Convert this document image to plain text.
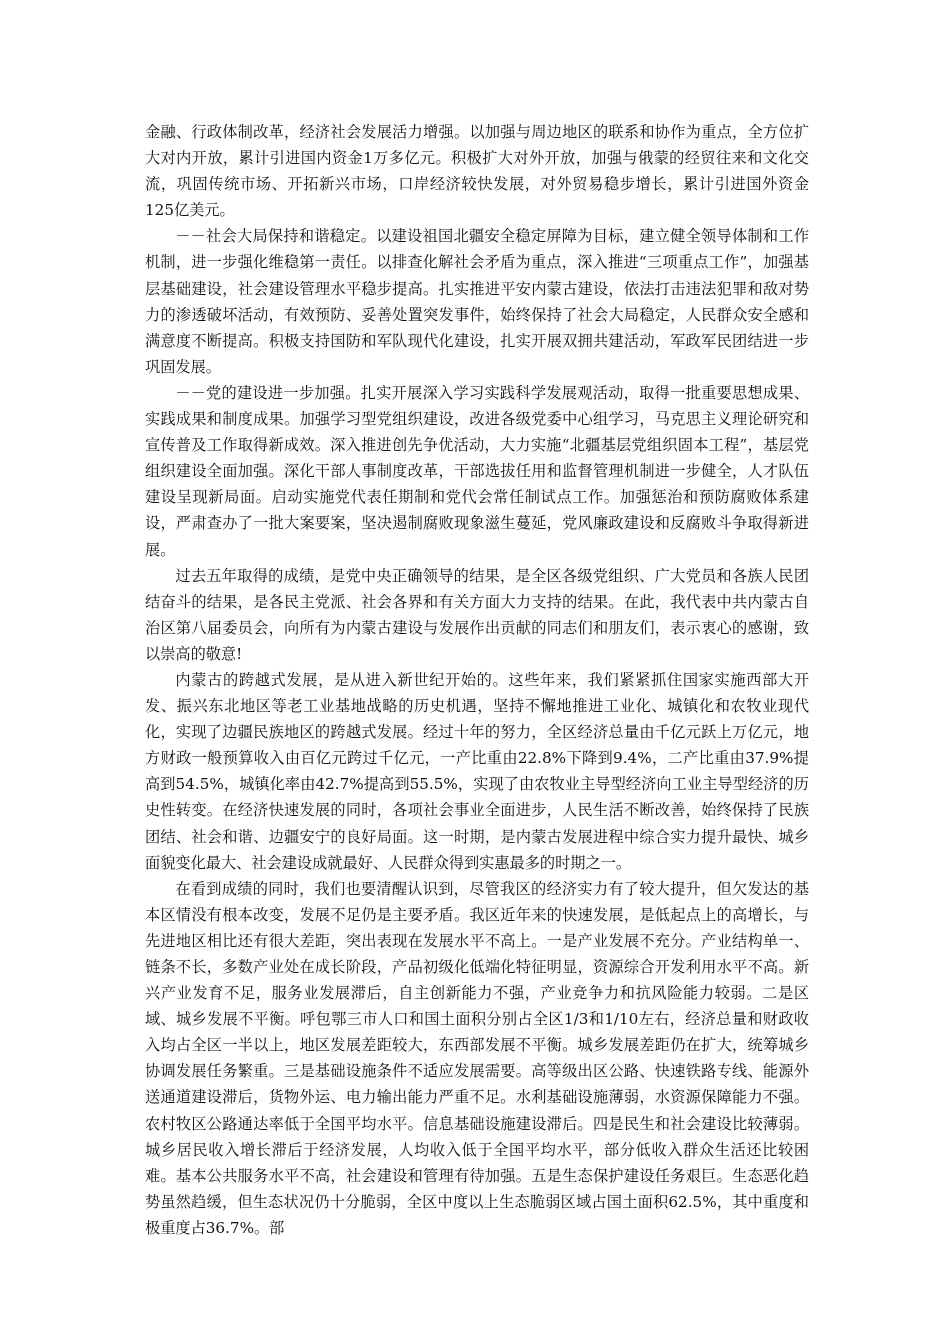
金融、行政体制改革，经济社会发展活力增强。以加强与周边地区的联系和协作为重点，全方位扩大对内开放，累计引进国内资金1万多亿元。积极扩大对外开放，加强与俄蒙的经贸往来和文化交流，巩固传统市场、开拓新兴市场，口岸经济较快发展，对外贸易稳步增长，累计引进国外资金125亿美元。

－－社会大局保持和谐稳定。以建设祖国北疆安全稳定屏障为目标，建立健全领导体制和工作机制，进一步强化维稳第一责任。以排查化解社会矛盾为重点，深入推进“三项重点工作”，加强基层基础建设，社会建设管理水平稳步提高。扎实推进平安内蒙古建设，依法打击违法犯罪和敌对势力的渗透破坏活动，有效预防、妥善处置突发事件，始终保持了社会大局稳定，人民群众安全感和满意度不断提高。积极支持国防和军队现代化建设，扎实开展双拥共建活动，军政军民团结进一步巩固发展。

－－党的建设进一步加强。扎实开展深入学习实践科学发展观活动，取得一批重要思想成果、实践成果和制度成果。加强学习型党组织建设，改进各级党委中心组学习，马克思主义理论研究和宣传普及工作取得新成效。深入推进创先争优活动，大力实施“北疆基层党组织固本工程”，基层党组织建设全面加强。深化干部人事制度改革，干部选拔任用和监督管理机制进一步健全，人才队伍建设呈现新局面。启动实施党代表任期制和党代会常任制试点工作。加强惩治和预防腐败体系建设，严肃查办了一批大案要案，坚决遏制腐败现象滋生蔓延，党风廉政建设和反腐败斗争取得新进展。

过去五年取得的成绩，是党中央正确领导的结果，是全区各级党组织、广大党员和各族人民团结奋斗的结果，是各民主党派、社会各界和有关方面大力支持的结果。在此，我代表中共内蒙古自治区第八届委员会，向所有为内蒙古建设与发展作出贡献的同志们和朋友们，表示衷心的感谢，致以崇高的敬意!

内蒙古的跨越式发展，是从进入新世纪开始的。这些年来，我们紧紧抓住国家实施西部大开发、振兴东北地区等老工业基地战略的历史机遇，坚持不懈地推进工业化、城镇化和农牧业现代化，实现了边疆民族地区的跨越式发展。经过十年的努力，全区经济总量由千亿元跃上万亿元，地方财政一般预算收入由百亿元跨过千亿元，一产比重由22.8%下降到9.4%，二产比重由37.9%提高到54.5%，城镇化率由42.7%提高到55.5%，实现了由农牧业主导型经济向工业主导型经济的历史性转变。在经济快速发展的同时，各项社会事业全面进步，人民生活不断改善，始终保持了民族团结、社会和谐、边疆安宁的良好局面。这一时期，是内蒙古发展进程中综合实力提升最快、城乡面貌变化最大、社会建设成就最好、人民群众得到实惠最多的时期之一。

在看到成绩的同时，我们也要清醒认识到，尽管我区的经济实力有了较大提升，但欠发达的基本区情没有根本改变，发展不足仍是主要矛盾。我区近年来的快速发展，是低起点上的高增长，与先进地区相比还有很大差距，突出表现在发展水平不高上。一是产业发展不充分。产业结构单一、链条不长，多数产业处在成长阶段，产品初级化低端化特征明显，资源综合开发利用水平不高。新兴产业发育不足，服务业发展滞后，自主创新能力不强，产业竞争力和抗风险能力较弱。二是区域、城乡发展不平衡。呼包鄂三市人口和国土面积分别占全区1/3和1/10左右，经济总量和财政收入均占全区一半以上，地区发展差距较大，东西部发展不平衡。城乡发展差距仍在扩大，统筹城乡协调发展任务繁重。三是基础设施条件不适应发展需要。高等级出区公路、快速铁路专线、能源外送通道建设滞后，货物外运、电力输出能力严重不足。水利基础设施薄弱，水资源保障能力不强。农村牧区公路通达率低于全国平均水平。信息基础设施建设滞后。四是民生和社会建设比较薄弱。城乡居民收入增长滞后于经济发展，人均收入低于全国平均水平，部分低收入群众生活还比较困难。基本公共服务水平不高，社会建设和管理有待加强。五是生态保护建设任务艰巨。生态恶化趋势虽然趋缓，但生态状况仍十分脆弱，全区中度以上生态脆弱区域占国土面积62.5%，其中重度和极重度占36.7%。部
